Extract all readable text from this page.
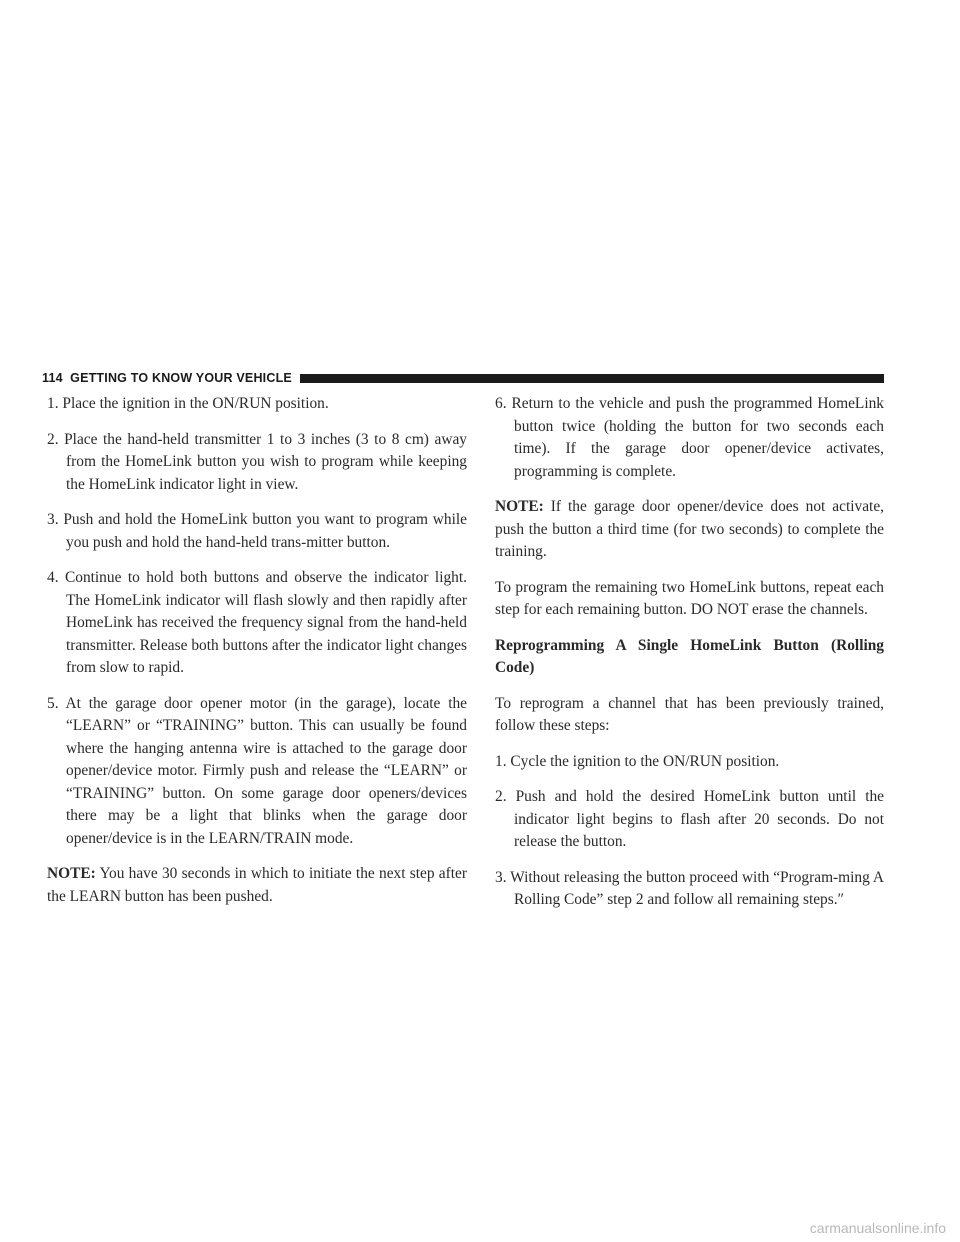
114 GETTING TO KNOW YOUR VEHICLE

1. Place the ignition in the ON/RUN position.

2. Place the hand-held transmitter 1 to 3 inches (3 to 8 cm) away from the HomeLink button you wish to program while keeping the HomeLink indicator light in view.

3. Push and hold the HomeLink button you want to program while you push and hold the hand-held trans-mitter button.

4. Continue to hold both buttons and observe the indicator light. The HomeLink indicator will flash slowly and then rapidly after HomeLink has received the frequency signal from the hand-held transmitter. Release both buttons after the indicator light changes from slow to rapid.

5. At the garage door opener motor (in the garage), locate the “LEARN” or “TRAINING” button. This can usually be found where the hanging antenna wire is attached to the garage door opener/device motor. Firmly push and release the “LEARN” or “TRAINING” button. On some garage door openers/devices there may be a light that blinks when the garage door opener/device is in the LEARN/TRAIN mode.

NOTE: You have 30 seconds in which to initiate the next step after the LEARN button has been pushed.

6. Return to the vehicle and push the programmed HomeLink button twice (holding the button for two seconds each time). If the garage door opener/device activates, programming is complete.

NOTE: If the garage door opener/device does not activate, push the button a third time (for two seconds) to complete the training.

To program the remaining two HomeLink buttons, repeat each step for each remaining button. DO NOT erase the channels.

Reprogramming A Single HomeLink Button (Rolling Code)

To reprogram a channel that has been previously trained, follow these steps:

1. Cycle the ignition to the ON/RUN position.

2. Push and hold the desired HomeLink button until the indicator light begins to flash after 20 seconds. Do not release the button.

3. Without releasing the button proceed with “Program-ming A Rolling Code” step 2 and follow all remaining steps.″

carmanualsonline.info
